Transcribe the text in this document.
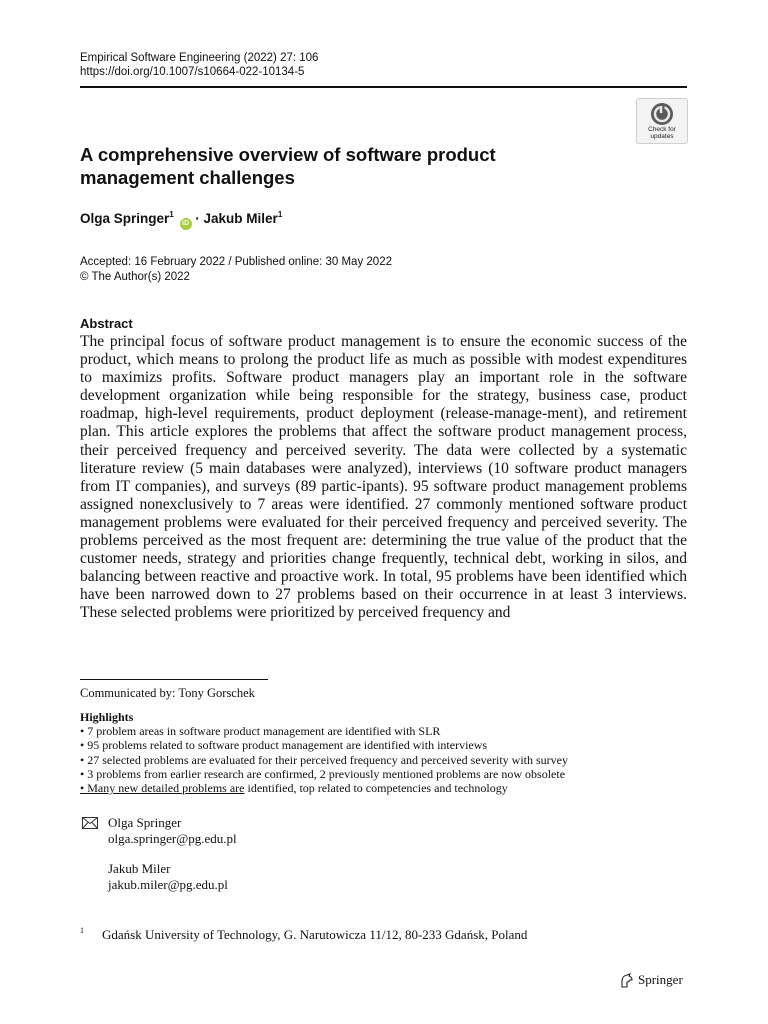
Empirical Software Engineering (2022) 27: 106
https://doi.org/10.1007/s10664-022-10134-5
Check for
updates
A comprehensive overview of software product management challenges
Olga Springer$^1$ iD · Jakub Miler$^1$
Accepted: 16 February 2022 / Published online: 30 May 2022
© The Author(s) 2022
Abstract
The principal focus of software product management is to ensure the economic success of the product, which means to prolong the product life as much as possible with modest expenditures to maximizs profits. Software product managers play an important role in the software development organization while being responsible for the strategy, business case, product roadmap, high-level requirements, product deployment (release-manage-ment), and retirement plan. This article explores the problems that affect the software product management process, their perceived frequency and perceived severity. The data were collected by a systematic literature review (5 main databases were analyzed), interviews (10 software product managers from IT companies), and surveys (89 partic-ipants). 95 software product management problems assigned nonexclusively to 7 areas were identified. 27 commonly mentioned software product management problems were evaluated for their perceived frequency and perceived severity. The problems perceived as the most frequent are: determining the true value of the product that the customer needs, strategy and priorities change frequently, technical debt, working in silos, and balancing between reactive and proactive work. In total, 95 problems have been identified which have been narrowed down to 27 problems based on their occurrence in at least 3 interviews. These selected problems were prioritized by perceived frequency and
Communicated by: Tony Gorschek
Highlights
• 7 problem areas in software product management are identified with SLR
• 95 problems related to software product management are identified with interviews
• 27 selected problems are evaluated for their perceived frequency and perceived severity with survey
• 3 problems from earlier research are confirmed, 2 previously mentioned problems are now obsolete
• Many new detailed problems are identified, top related to competencies and technology
Olga Springer
olga.springer@pg.edu.pl
Jakub Miler
jakub.miler@pg.edu.pl
$^1$ Gdańsk University of Technology, G. Narutowicza 11/12, 80-233 Gdańsk, Poland
Springer
